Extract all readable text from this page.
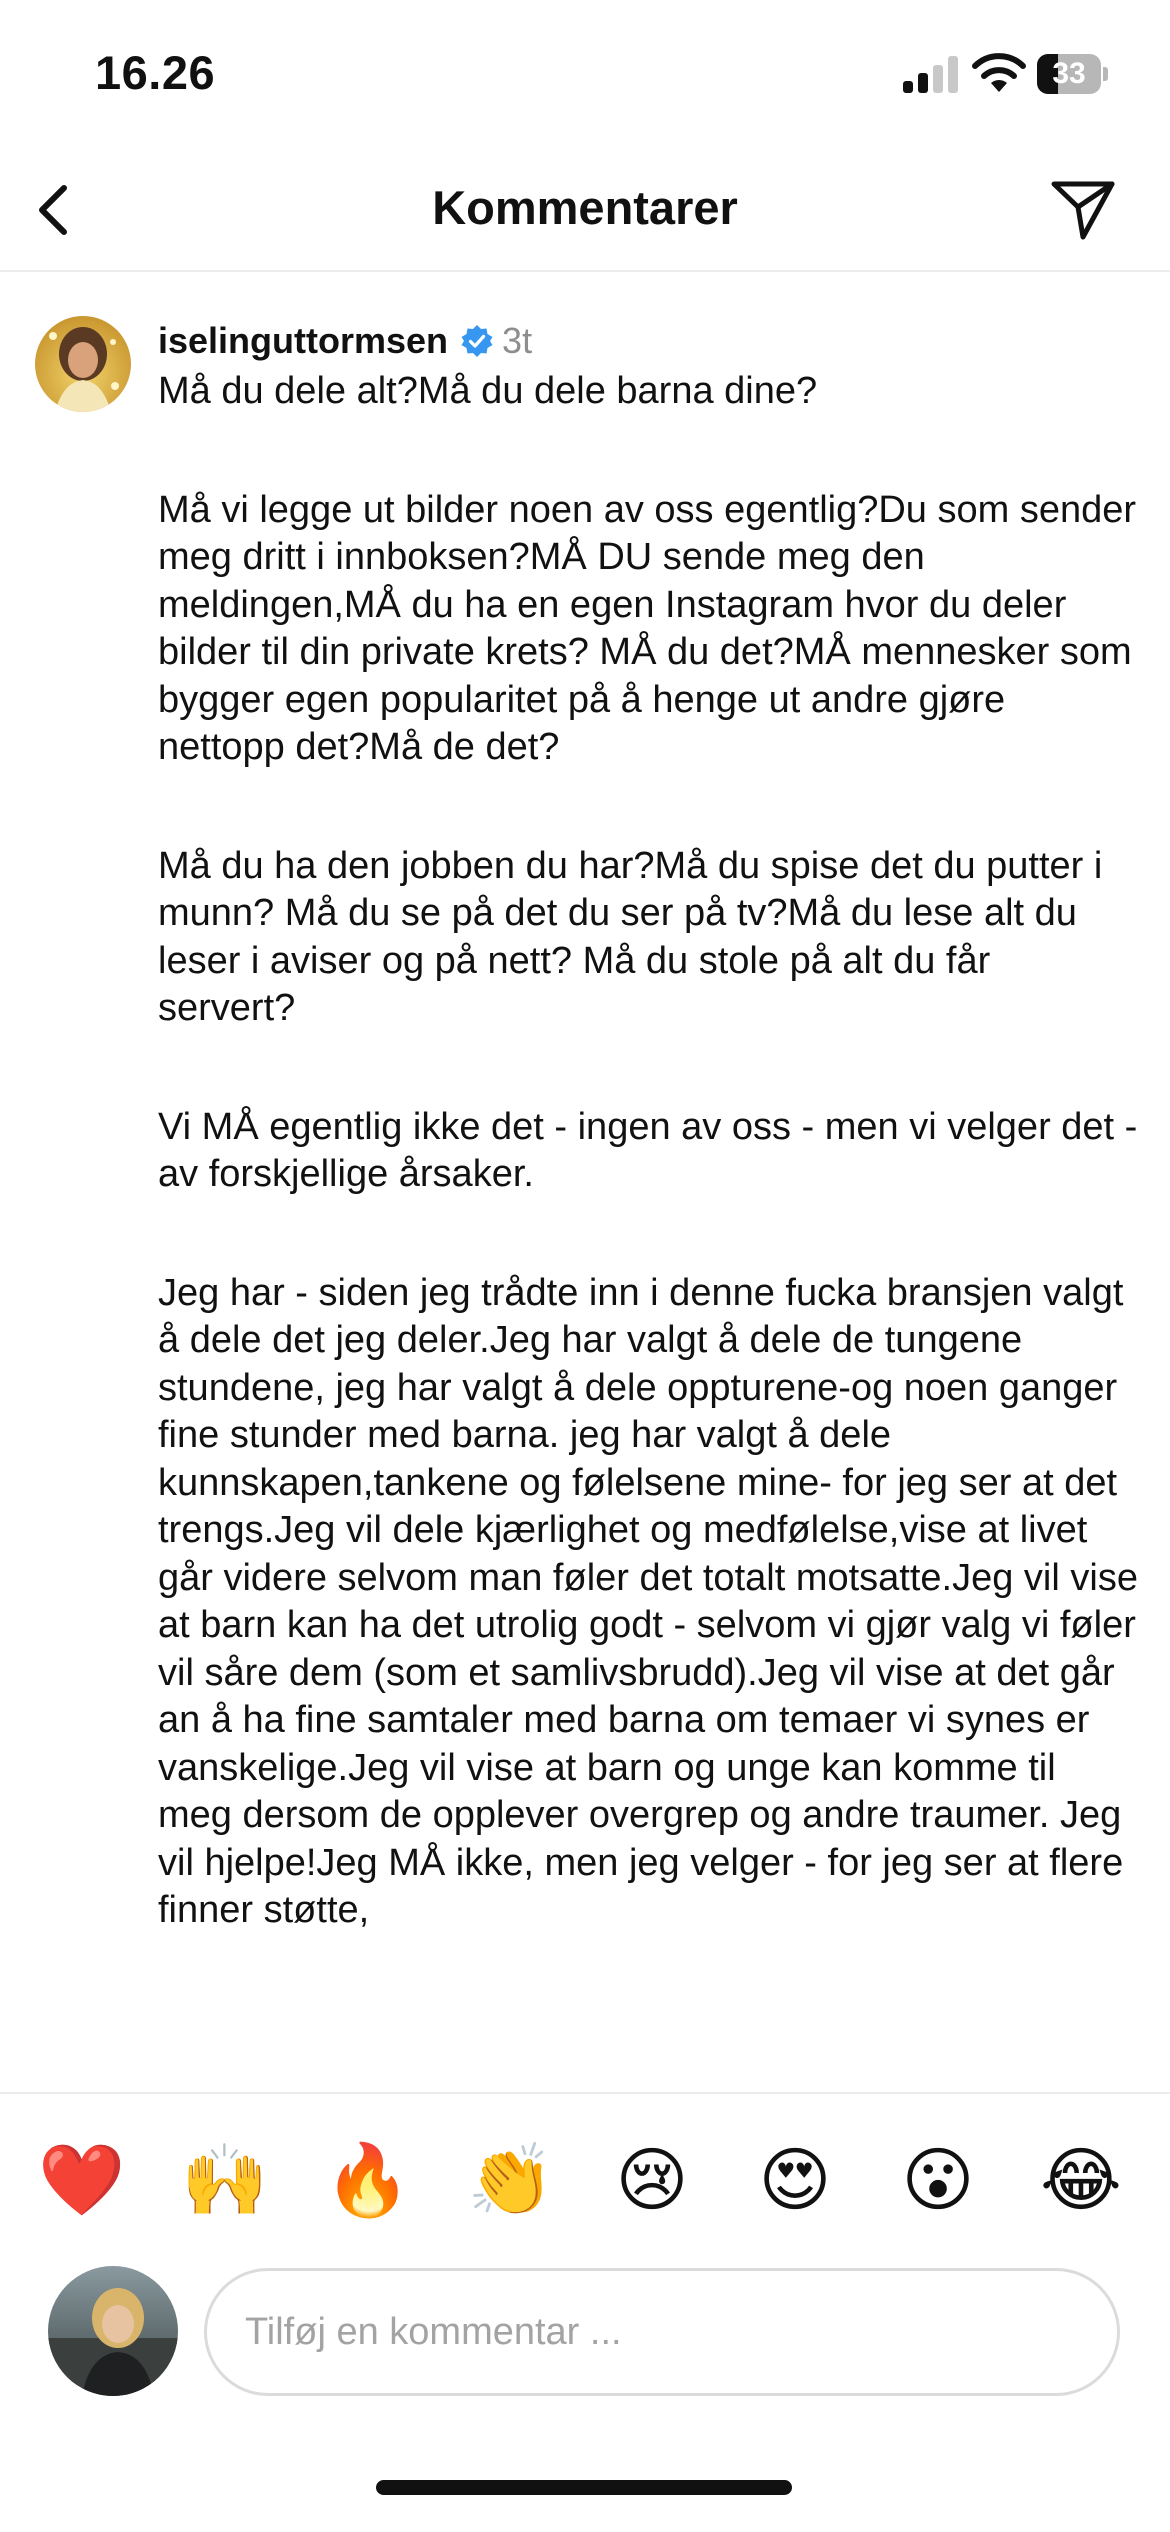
16.26	33
Kommentarer
iselinguttormsen 3t

Må du dele alt?Må du dele barna dine?

Må vi legge ut bilder noen av oss egentlig?Du som sender meg dritt i innboksen?MÅ DU sende meg den meldingen,MÅ du ha en egen Instagram hvor du deler bilder til din private krets? MÅ du det?MÅ mennesker som bygger egen popularitet på å henge ut andre gjøre nettopp det?Må de det?

Må du ha den jobben du har?Må du spise det du putter i munn? Må du se på det du ser på tv?Må du lese alt du leser i aviser og på nett? Må du stole på alt du får servert?

Vi MÅ egentlig ikke det - ingen av oss - men vi velger det - av forskjellige årsaker.

Jeg har - siden jeg trådte inn i denne fucka bransjen valgt å dele det jeg deler.Jeg har valgt å dele de tungene stundene, jeg har valgt å dele oppturene-og noen ganger fine stunder med barna. jeg har valgt å dele kunnskapen,tankene og følelsene mine- for jeg ser at det trengs.Jeg vil dele kjærlighet og medfølelse,vise at livet går videre selvom man føler det totalt motsatte.Jeg vil vise at barn kan ha det utrolig godt - selvom vi gjør valg vi føler vil såre dem (som et samlivsbrudd).Jeg vil vise at det går an å ha fine samtaler med barna om temaer vi synes er vanskelige.Jeg vil vise at barn og unge kan komme til meg dersom de opplever overgrep og andre traumer. Jeg vil hjelpe!Jeg MÅ ikke, men jeg velger - for jeg ser at flere finner støtte,

❤️ 🙌 🔥 👏 😢 😍 😮 😂
Tilføj en kommentar ...
